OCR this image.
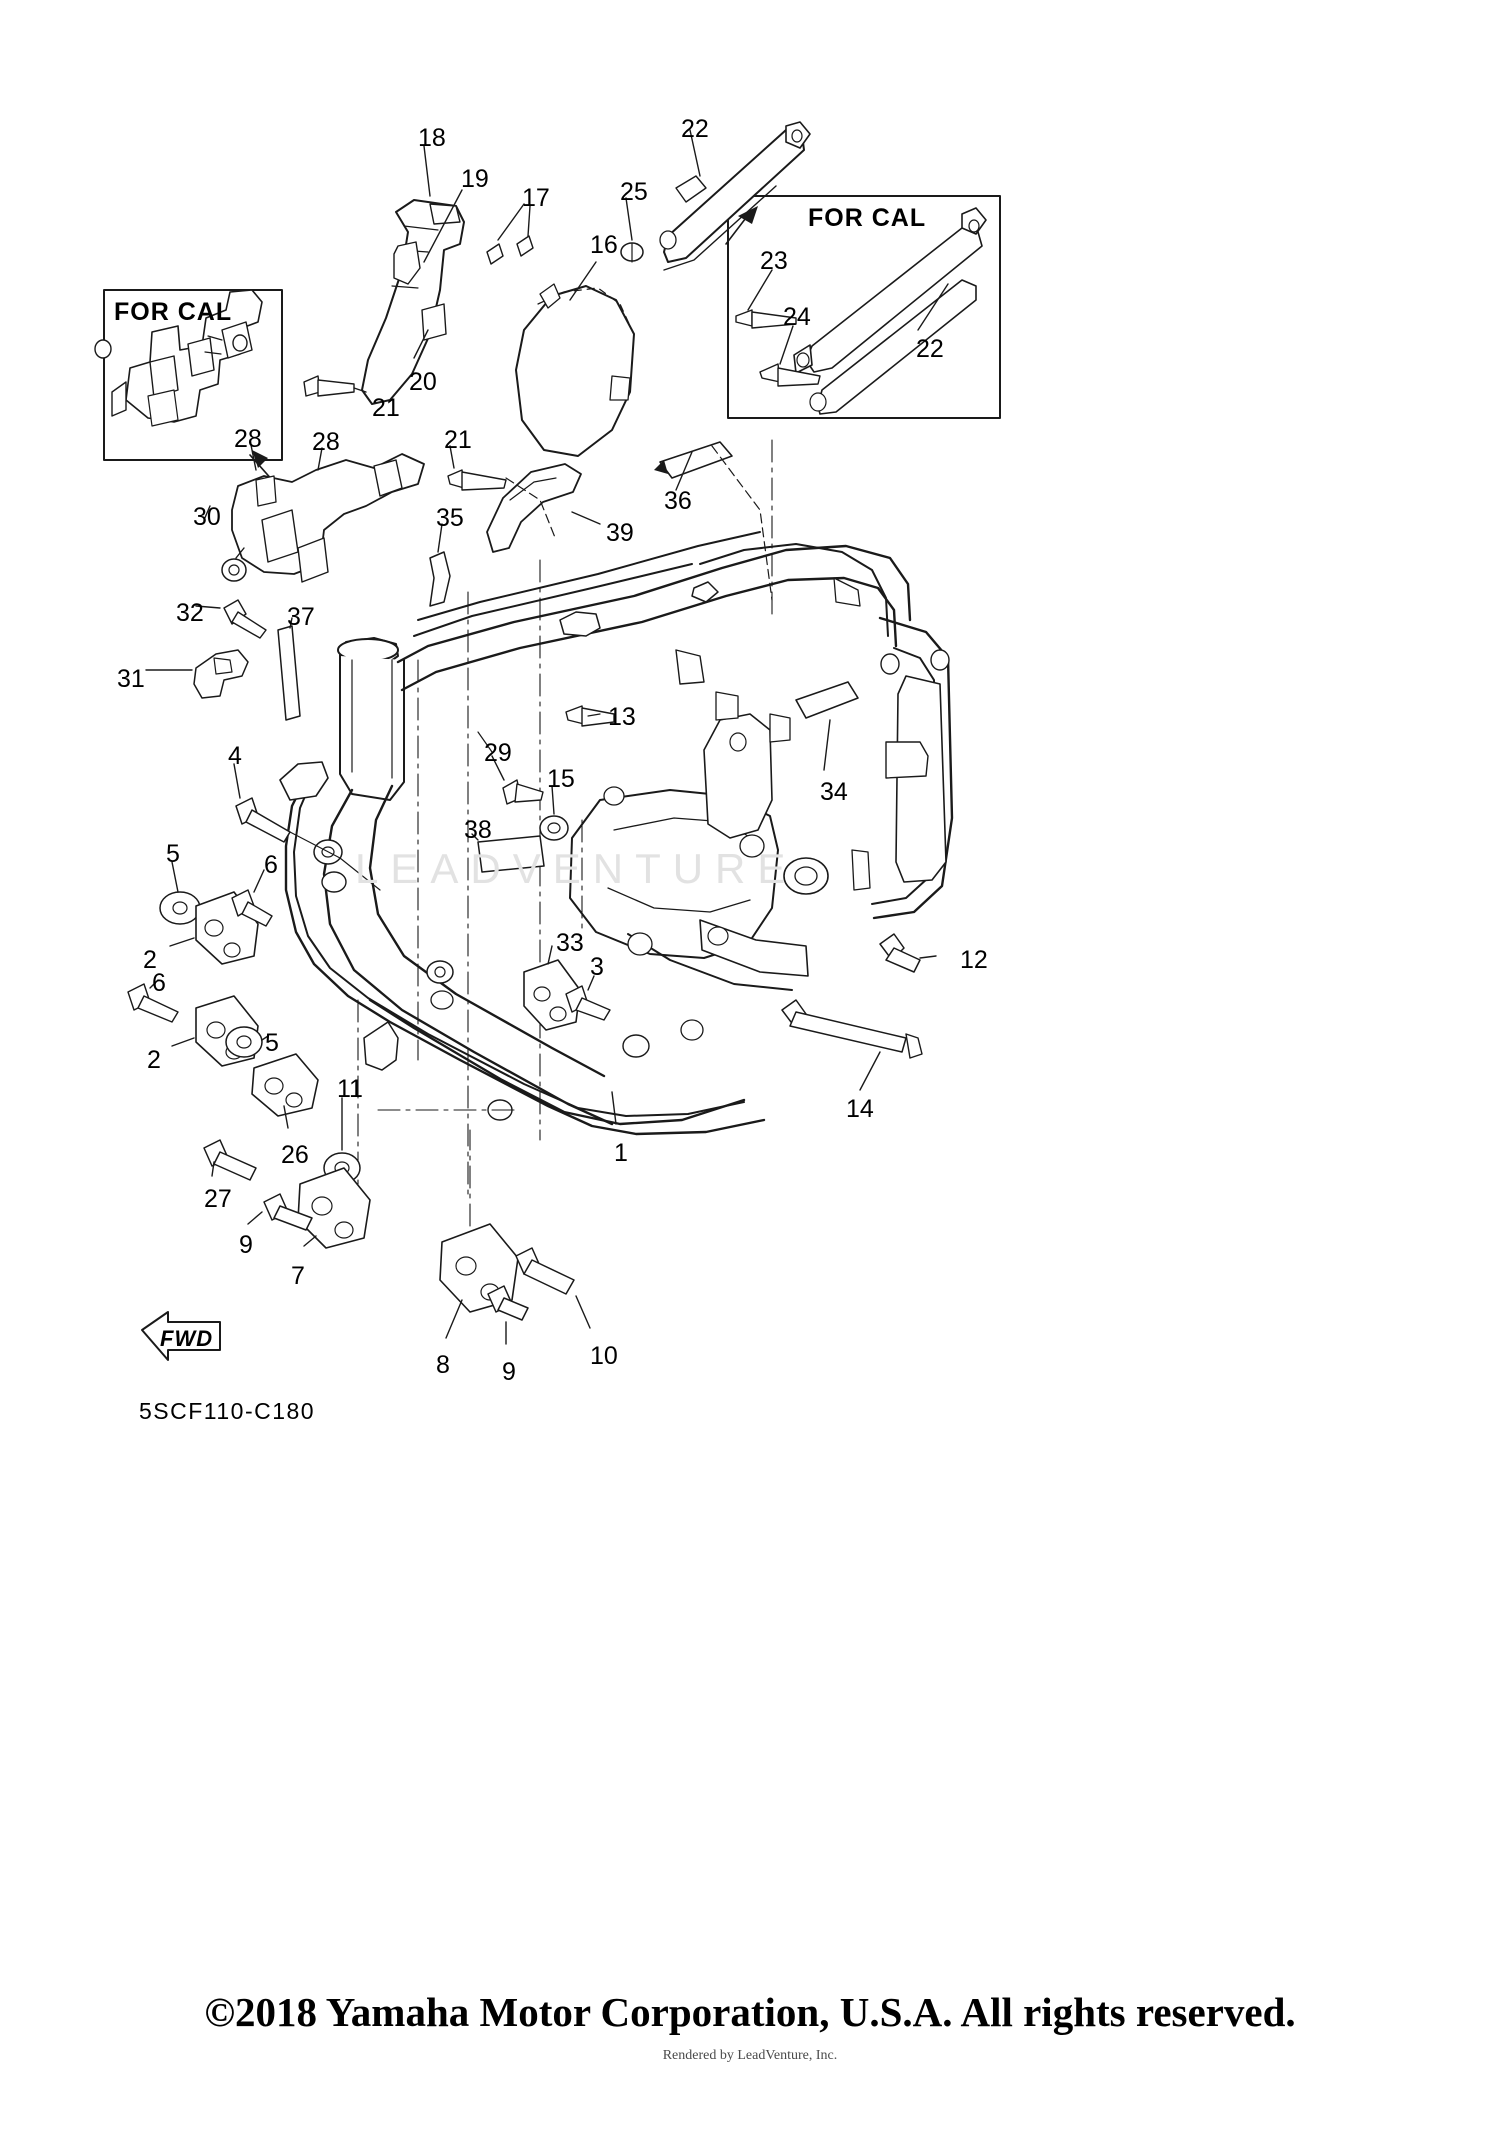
FOR CAL
FOR CAL
FWD
5SCF110-C180
LEADVENTURE
18	22
19
17	25
16
23
24
22
20
21
28 28	21
36
30	35
39
32	37
31
13
29
34
4
15
38
5	6
2
6
33
3	12
5
2
11
14
1
26
27
9
7
8 9
10
©2018 Yamaha Motor Corporation, U.S.A. All rights reserved.
Rendered by LeadVenture, Inc.
